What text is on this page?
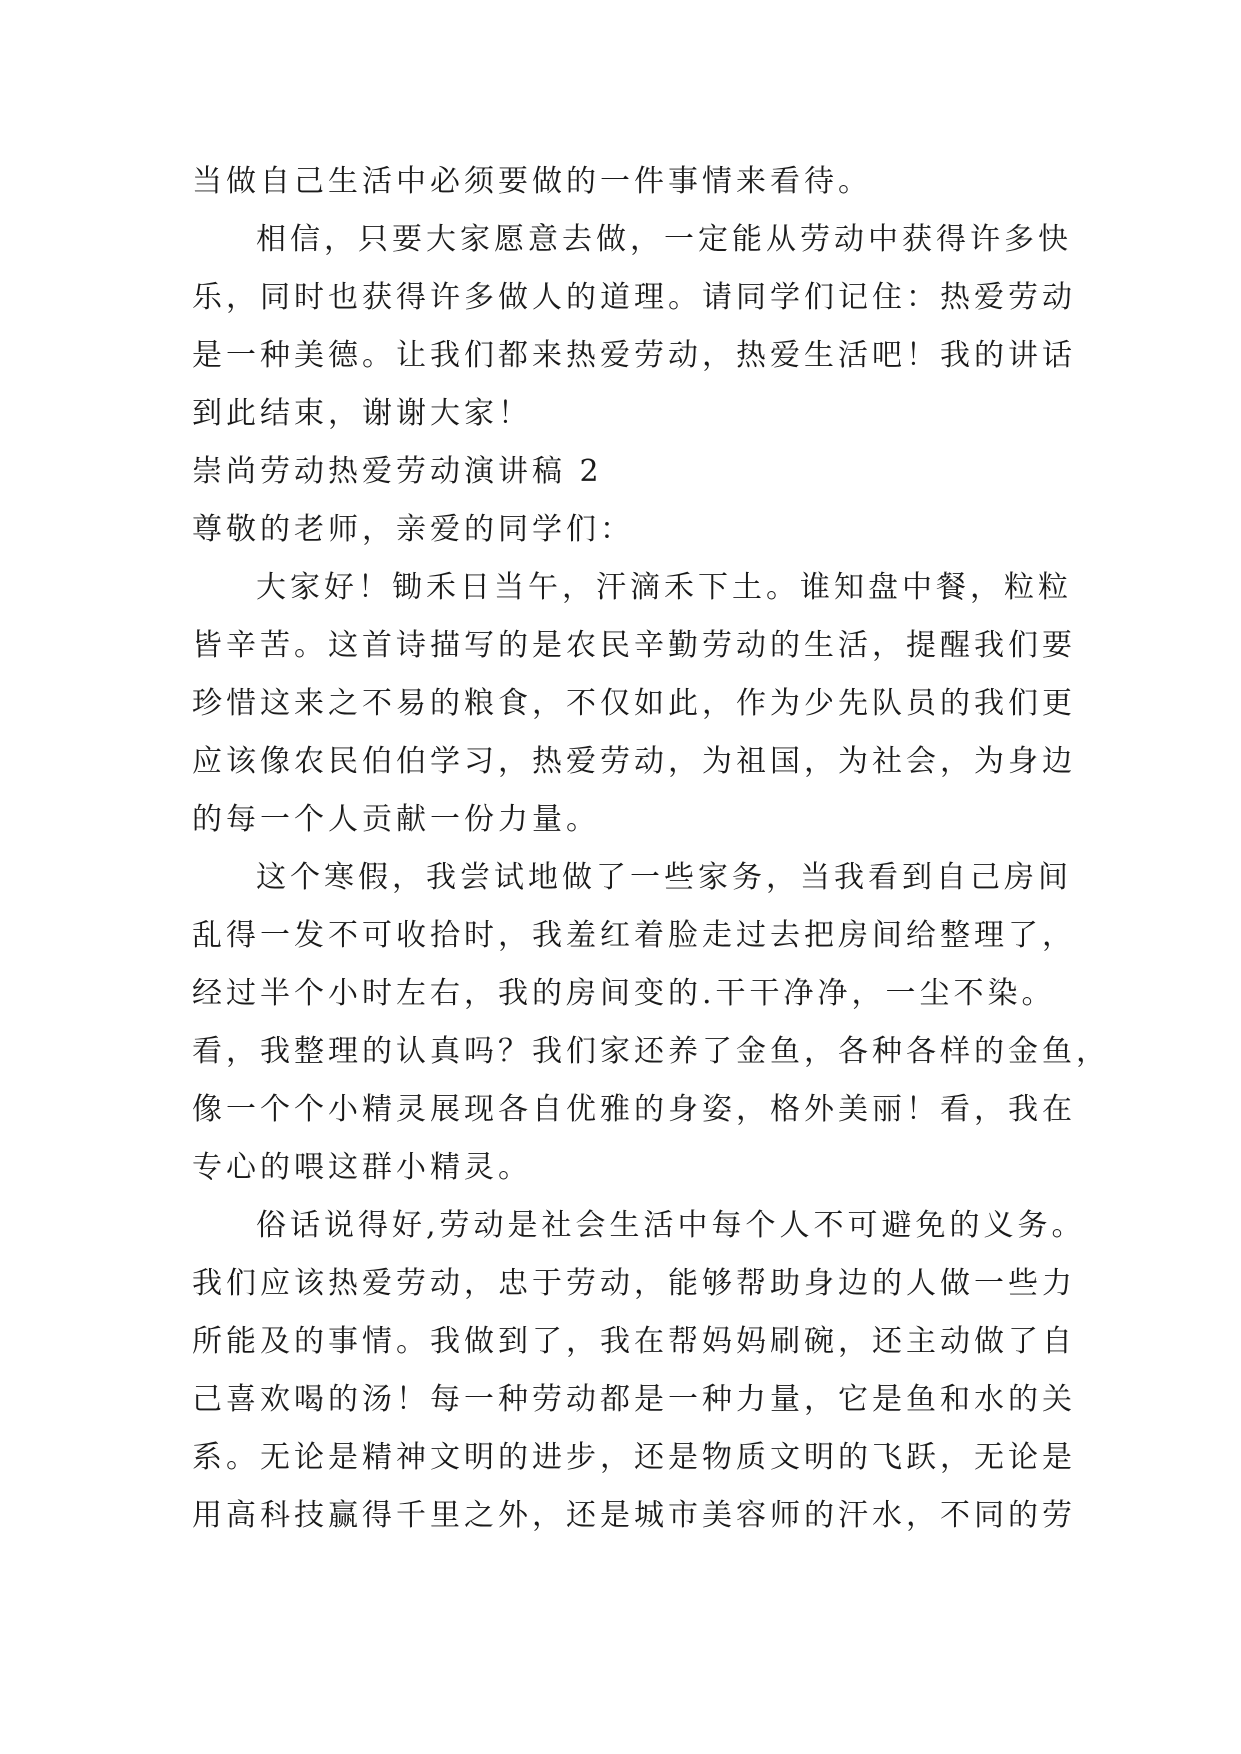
当做自己生活中必须要做的一件事情来看待。
相信，只要大家愿意去做，一定能从劳动中获得许多快
乐，同时也获得许多做人的道理。请同学们记住：热爱劳动
是一种美德。让我们都来热爱劳动，热爱生活吧！我的讲话
到此结束，谢谢大家！
崇尚劳动热爱劳动演讲稿 2
尊敬的老师，亲爱的同学们：
大家好！锄禾日当午，汗滴禾下土。谁知盘中餐，粒粒
皆辛苦。这首诗描写的是农民辛勤劳动的生活，提醒我们要
珍惜这来之不易的粮食，不仅如此，作为少先队员的我们更
应该像农民伯伯学习，热爱劳动，为祖国，为社会，为身边
的每一个人贡献一份力量。
这个寒假，我尝试地做了一些家务，当我看到自己房间
乱得一发不可收拾时，我羞红着脸走过去把房间给整理了，
经过半个小时左右，我的房间变的.干干净净，一尘不染。
看，我整理的认真吗？我们家还养了金鱼，各种各样的金鱼，
像一个个小精灵展现各自优雅的身姿，格外美丽！看，我在
专心的喂这群小精灵。
俗话说得好,劳动是社会生活中每个人不可避免的义务。
我们应该热爱劳动，忠于劳动，能够帮助身边的人做一些力
所能及的事情。我做到了，我在帮妈妈刷碗，还主动做了自
己喜欢喝的汤！每一种劳动都是一种力量，它是鱼和水的关
系。无论是精神文明的进步，还是物质文明的飞跃，无论是
用高科技赢得千里之外，还是城市美容师的汗水，不同的劳
